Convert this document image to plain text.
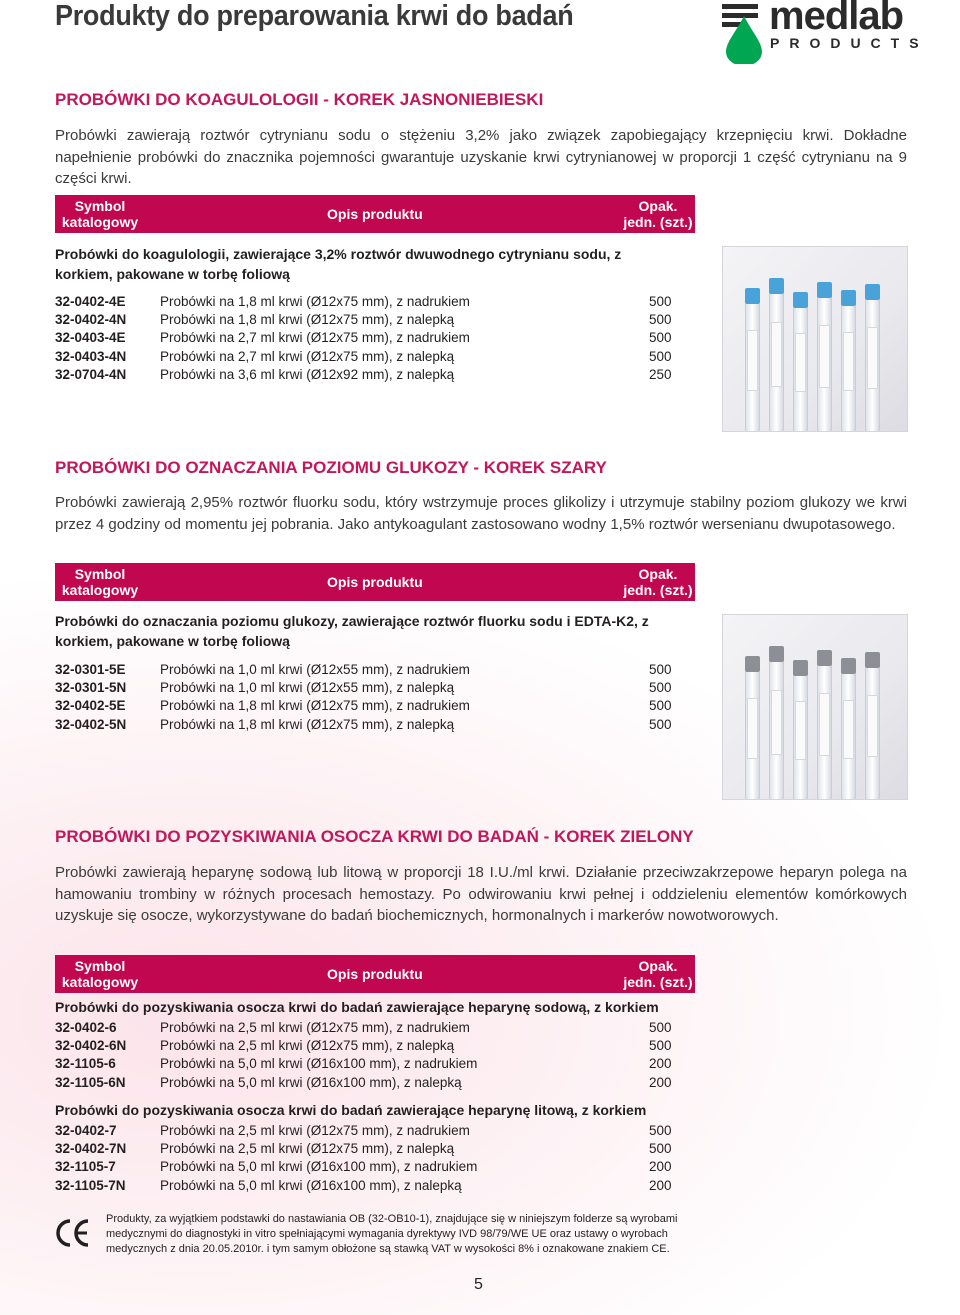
Produkty do preparowania krwi do badań	medlab
PRODUCTS
PROBÓWKI DO KOAGULOLOGII - KOREK JASNONIEBIESKI

Probówki zawierają roztwór cytrynianu sodu o stężeniu 3,2% jako związek zapobiegający krzepnięciu krwi. Dokładne napełnienie probówki do znacznika pojemności gwarantuje uzyskanie krwi cytrynianowej w proporcji 1 część cytrynianu na 9 części krwi.

Symbol katalogowy	Opis produktu	Opak. jedn. (szt.)
Probówki do koagulologii, zawierające 3,2% roztwór dwuwodnego cytrynianu sodu, z korkiem, pakowane w torbę foliową
32-0402-4E	Probówki na 1,8 ml krwi (Ø12x75 mm), z nadrukiem	500
32-0402-4N Probówki na 1,8 ml krwi (Ø12x75 mm), z nalepką	500
32-0403-4E	Probówki na 2,7 ml krwi (Ø12x75 mm), z nadrukiem	500
32-0403-4N Probówki na 2,7 ml krwi (Ø12x75 mm), z nalepką	500
32-0704-4N Probówki na 3,6 ml krwi (Ø12x92 mm), z nalepką	250
PROBÓWKI DO OZNACZANIA POZIOMU GLUKOZY - KOREK SZARY

Probówki zawierają 2,95% roztwór fluorku sodu, który wstrzymuje proces glikolizy i utrzymuje stabilny poziom glukozy we krwi przez 4 godziny od momentu jej pobrania. Jako antykoagulant zastosowano wodny 1,5% roztwór wersenianu dwupotasowego.

Symbol katalogowy	Opis produktu	Opak. jedn. (szt.)
Probówki do oznaczania poziomu glukozy, zawierające roztwór fluorku sodu i EDTA-K2, z korkiem, pakowane w torbę foliową
32-0301-5E	Probówki na 1,0 ml krwi (Ø12x55 mm), z nadrukiem	500
32-0301-5N Probówki na 1,0 ml krwi (Ø12x55 mm), z nalepką	500
32-0402-5E	Probówki na 1,8 ml krwi (Ø12x75 mm), z nadrukiem	500
32-0402-5N Probówki na 1,8 ml krwi (Ø12x75 mm), z nalepką	500
PROBÓWKI DO POZYSKIWANIA OSOCZA KRWI DO BADAŃ - KOREK ZIELONY

Probówki zawierają heparynę sodową lub litową w proporcji 18 I.U./ml krwi. Działanie przeciwzakrzepowe heparyn polega na hamowaniu trombiny w różnych procesach hemostazy. Po odwirowaniu krwi pełnej i oddzieleniu elementów komórkowych uzyskuje się osocze, wykorzystywane do badań biochemicznych, hormonalnych i markerów nowotworowych.

Symbol katalogowy	Opis produktu	Opak. jedn. (szt.)
Probówki do pozyskiwania osocza krwi do badań zawierające heparynę sodową, z korkiem
32-0402-6	Probówki na 2,5 ml krwi (Ø12x75 mm), z nadrukiem	500
32-0402-6N Probówki na 2,5 ml krwi (Ø12x75 mm), z nalepką	500
32-1105-6	Probówki na 5,0 ml krwi (Ø16x100 mm), z nadrukiem	200
32-1105-6N	Probówki na 5,0 ml krwi (Ø16x100 mm), z nalepką	200
Probówki do pozyskiwania osocza krwi do badań zawierające heparynę litową, z korkiem
32-0402-7	Probówki na 2,5 ml krwi (Ø12x75 mm), z nadrukiem	500
32-0402-7N Probówki na 2,5 ml krwi (Ø12x75 mm), z nalepką	500
32-1105-7	Probówki na 5,0 ml krwi (Ø16x100 mm), z nadrukiem	200
32-1105-7N	Probówki na 5,0 ml krwi (Ø16x100 mm), z nalepką	200
Produkty, za wyjątkiem podstawki do nastawiania OB (32-OB10-1), znajdujące się w niniejszym folderze są wyrobami medycznymi do diagnostyki in vitro spełniającymi wymagania dyrektywy IVD 98/79/WE UE oraz ustawy o wyrobach medycznych z dnia 20.05.2010r. i tym samym obłożone są stawką VAT w wysokości 8% i oznakowane znakiem CE.
5
